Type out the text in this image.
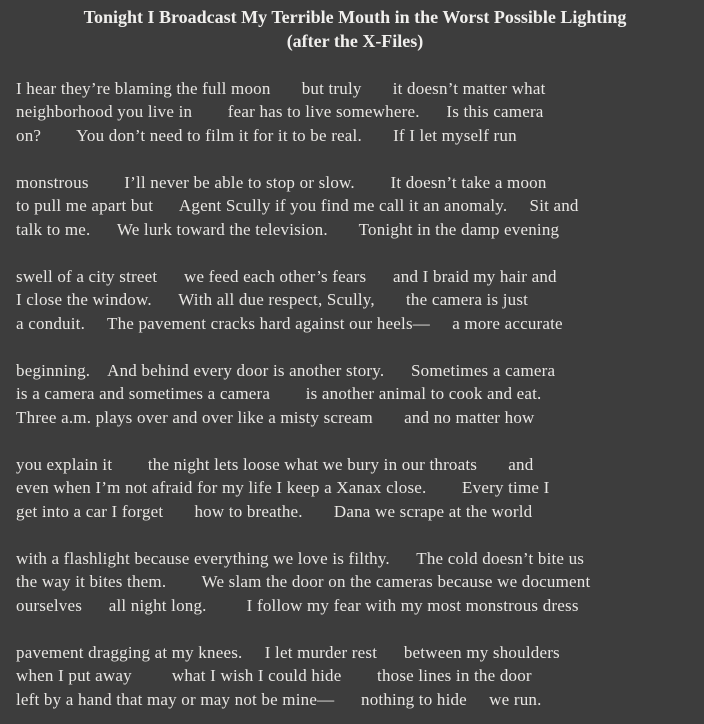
Tonight I Broadcast My Terrible Mouth in the Worst Possible Lighting
(after the X-Files)

I hear they’re blaming the full moon       but truly       it doesn’t matter what

neighborhood you live in        fear has to live somewhere.      Is this camera

on?        You don’t need to film it for it to be real.       If I let myself run

monstrous        I’ll never be able to stop or slow.        It doesn’t take a moon

to pull me apart but      Agent Scully if you find me call it an anomaly.     Sit and

talk to me.      We lurk toward the television.       Tonight in the damp evening

swell of a city street      we feed each other’s fears      and I braid my hair and

I close the window.      With all due respect, Scully,       the camera is just

a conduit.     The pavement cracks hard against our heels—     a more accurate

beginning.    And behind every door is another story.      Sometimes a camera

is a camera and sometimes a camera        is another animal to cook and eat.

Three a.m. plays over and over like a misty scream       and no matter how

you explain it        the night lets loose what we bury in our throats       and

even when I’m not afraid for my life I keep a Xanax close.        Every time I

get into a car I forget       how to breathe.       Dana we scrape at the world

with a flashlight because everything we love is filthy.      The cold doesn’t bite us

the way it bites them.        We slam the door on the cameras because we document

ourselves      all night long.         I follow my fear with my most monstrous dress

pavement dragging at my knees.     I let murder rest      between my shoulders

when I put away         what I wish I could hide        those lines in the door

left by a hand that may or may not be mine—      nothing to hide     we run.
